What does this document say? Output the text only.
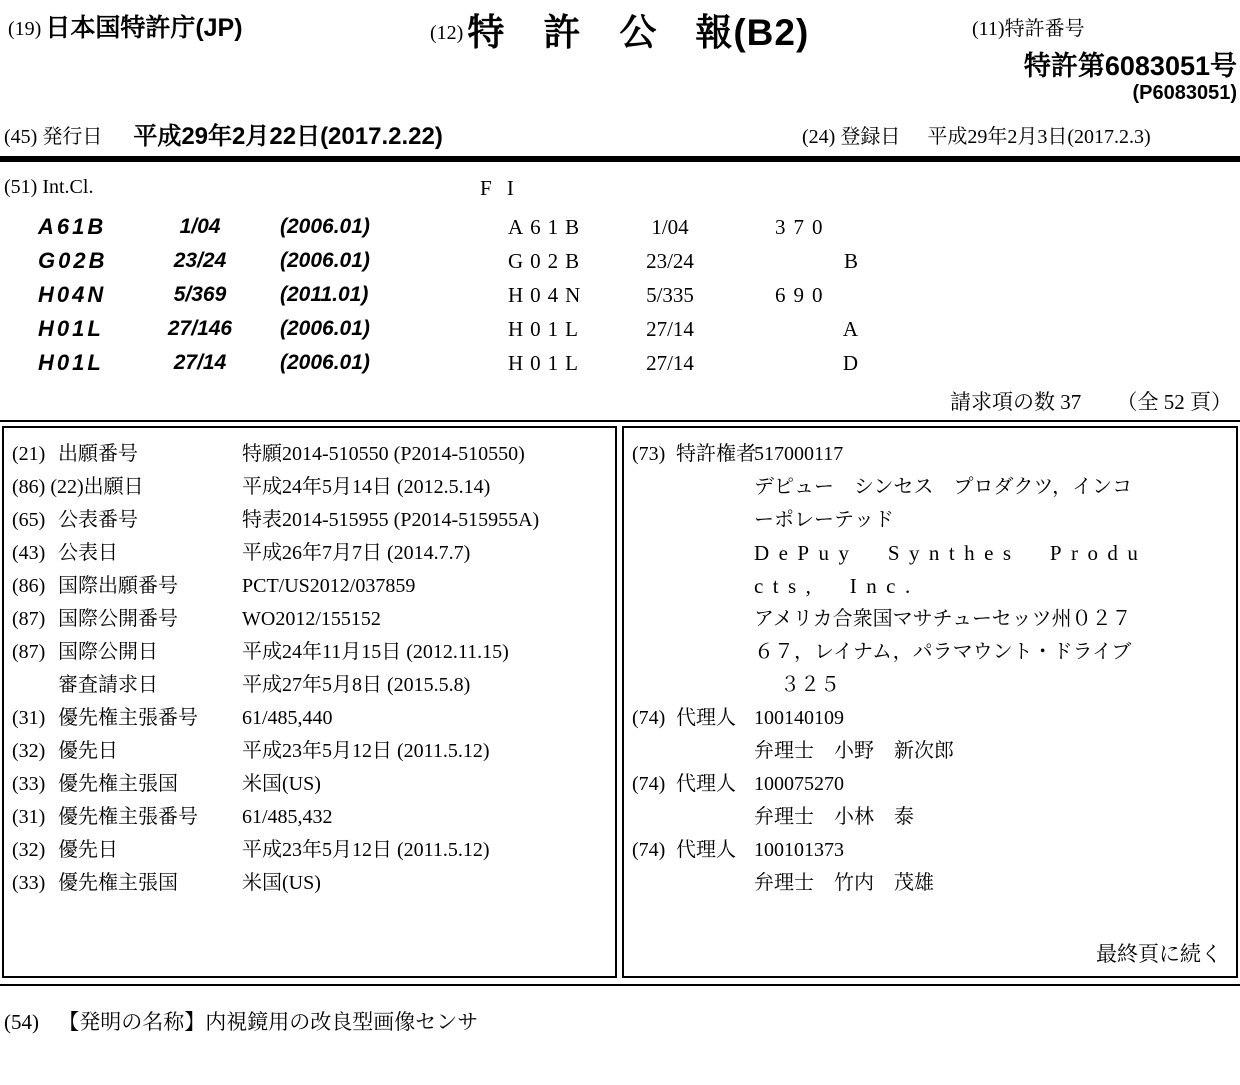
(19) 日本国特許庁(JP)	(12) 特　許　公　報(B2)	(11)特許番号
特許第6083051号
(P6083051)
(45) 発行日 平成29年2月22日(2017.2.22)	(24) 登録日 平成29年2月3日(2017.2.3)
(51) Int.Cl.	F I
A61B	1/04	(2006.01)	A61B	1/04	370
G02B	23/24	(2006.01)	G02B	23/24	B
H04N	5/369	(2011.01)	H04N	5/335	690
H01L	27/146	(2006.01)	H01L	27/14	A
H01L	27/14	(2006.01)	H01L	27/14	D
請求項の数 37 （全 52 頁）
(21) 出願番号	特願2014-510550 (P2014-510550)
(86) (22)出願日	平成24年5月14日 (2012.5.14)
(65) 公表番号	特表2014-515955 (P2014-515955A)
(43) 公表日	平成26年7月7日 (2014.7.7)
(86) 国際出願番号	PCT/US2012/037859
(87) 国際公開番号	WO2012/155152
(87) 国際公開日	平成24年11月15日 (2012.11.15)
審査請求日	平成27年5月8日 (2015.5.8)
(31) 優先権主張番号	61/485,440
(32) 優先日	平成23年5月12日 (2011.5.12)
(33) 優先権主張国	米国(US)
(31) 優先権主張番号	61/485,432
(32) 優先日	平成23年5月12日 (2011.5.12)
(33) 優先権主張国	米国(US)
(73) 特許権者
517000117
デピュー　シンセス　プロダクツ，インコ
ーポレーテッド
DePuy Synthes Produ
cts, Inc.
アメリカ合衆国マサチューセッツ州０２７
６７，レイナム，パラマウント・ドライブ
３２５
(74) 代理人 100140109
弁理士　小野　新次郎
(74) 代理人 100075270
弁理士　小林　泰
(74) 代理人 100101373
弁理士　竹内　茂雄
最終頁に続く
(54) 【発明の名称】内視鏡用の改良型画像センサ
